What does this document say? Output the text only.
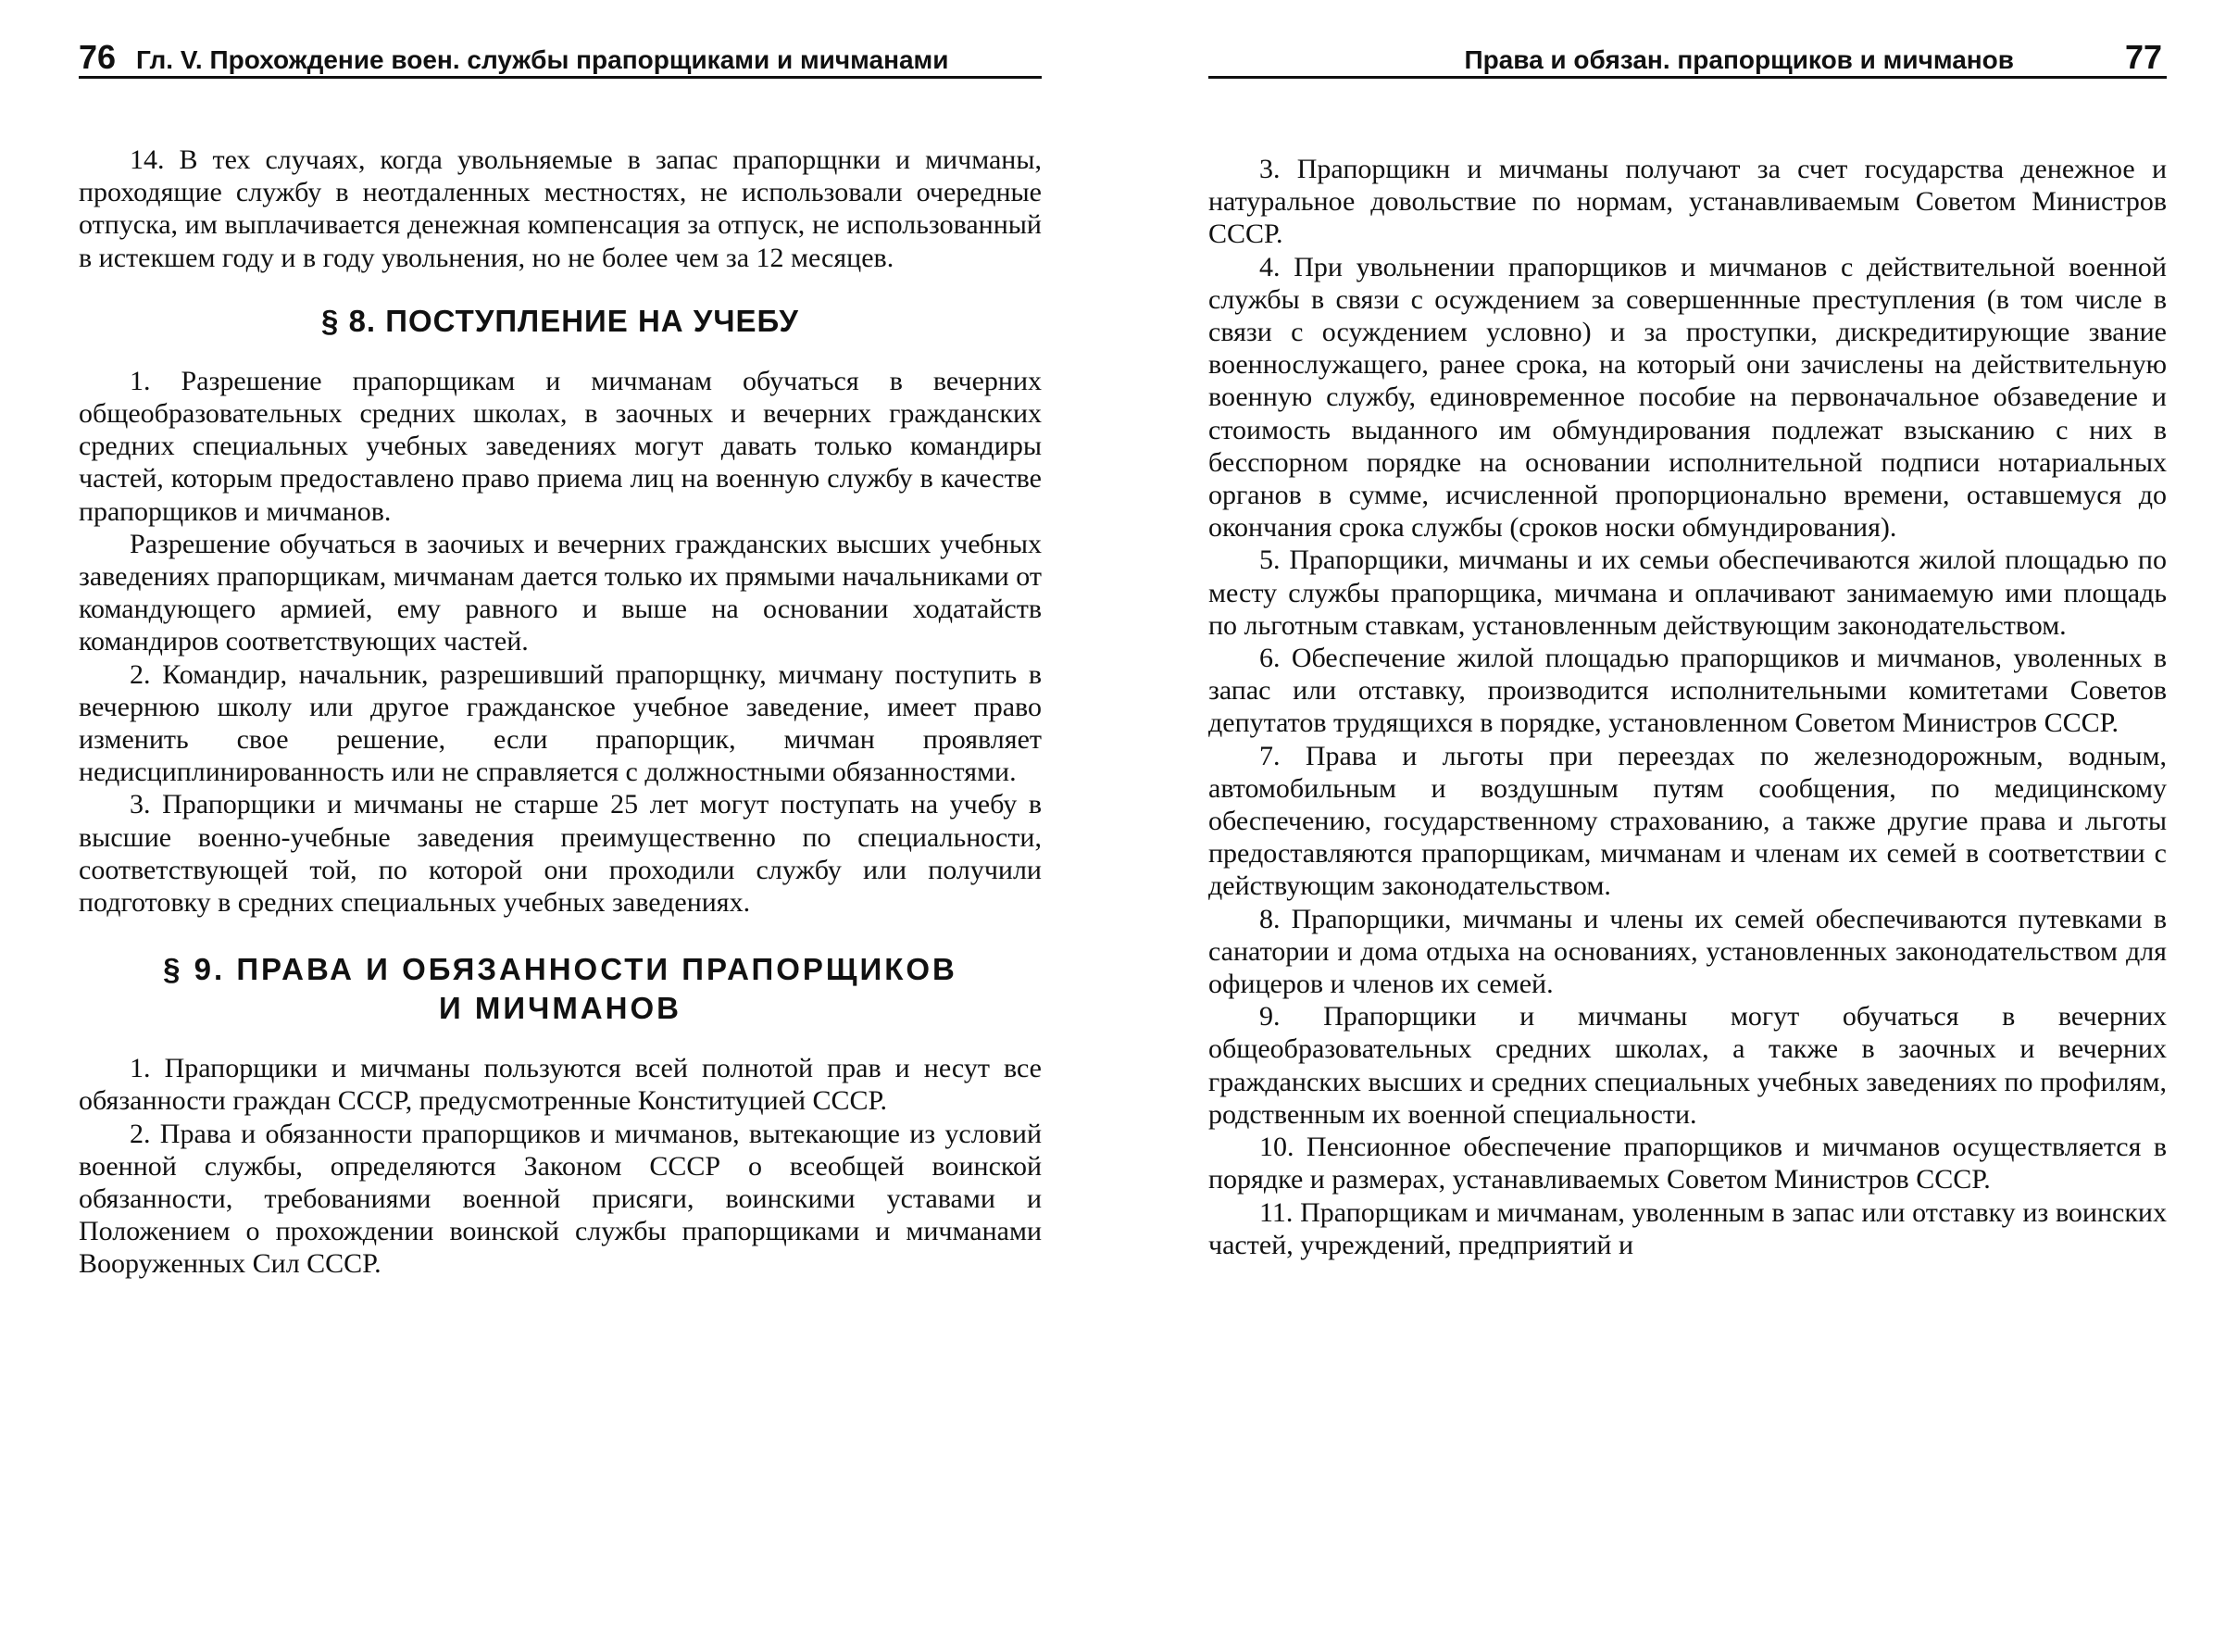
76 Гл. V. Прохождение воен. службы прапорщиками и мичманами

14. В тех случаях, когда увольняемые в запас прапорщнки и мичманы, проходящие службу в неотдаленных местностях, не использовали очередные отпуска, им выплачивается денежная компенсация за отпуск, не использованный в истекшем году и в году увольнения, но не более чем за 12 месяцев.

§ 8. ПОСТУПЛЕНИЕ НА УЧЕБУ

1. Разрешение прапорщикам и мичманам обучаться в вечерних общеобразовательных средних школах, в заочных и вечерних гражданских средних специальных учебных заведениях могут давать только командиры частей, которым предоставлено право приема лиц на военную службу в качестве прапорщиков и мичманов.

Разрешение обучаться в заочиых и вечерних гражданских высших учебных заведениях прапорщикам, мичманам дается только их прямыми начальниками от командующего армией, ему равного и выше на основании ходатайств командиров соответствующих частей.

2. Командир, начальник, разрешивший прапорщнку, мичману поступить в вечернюю школу или другое гражданское учебное заведение, имеет право изменить свое решение, если прапорщик, мичман проявляет недисциплинированность или не справляется с должностными обязанностями.

3. Прапорщики и мичманы не старше 25 лет могут поступать на учебу в высшие военно-учебные заведения преимущественно по специальности, соответствующей той, по которой они проходили службу или получили подготовку в средних специальных учебных заведениях.

§ 9. ПРАВА И ОБЯЗАННОСТИ ПРАПОРЩИКОВ
И МИЧМАНОВ

1. Прапорщики и мичманы пользуются всей полнотой прав и несут все обязанности граждан СССР, предусмотренные Конституцией СССР.

2. Права и обязанности прапорщиков и мичманов, вытекающие из условий военной службы, определяются Законом СССР о всеобщей воинской обязанности, требованиями военной присяги, воинскими уставами и Положением о прохождении воинской службы прапорщиками и мичманами Вооруженных Сил СССР.

Права и обязан. прапорщиков и мичманов	77

3. Прапорщикн и мичманы получают за счет государства денежное и натуральное довольствие по нормам, устанавливаемым Советом Министров СССР.

4. При увольнении прапорщиков и мичманов с действительной военной службы в связи с осуждением за совершеннные преступления (в том числе в связи с осуждением условно) и за проступки, дискредитирующие звание военнослужащего, ранее срока, на который они зачислены на действительную военную службу, единовременное пособие на первоначальное обзаведение и стоимость выданного им обмундирования подлежат взысканию с них в бесспорном порядке на основании исполнительной подписи нотариальных органов в сумме, исчисленной пропорционально времени, оставшемуся до окончания срока службы (сроков носки обмундирования).

5. Прапорщики, мичманы и их семьи обеспечиваются жилой площадью по месту службы прапорщика, мичмана и оплачивают занимаемую ими площадь по льготным ставкам, установленным действующим законодательством.

6. Обеспечение жилой площадью прапорщиков и мичманов, уволенных в запас или отставку, производится исполнительными комитетами Советов депутатов трудящихся в порядке, установленном Советом Министров СССР.

7. Права и льготы при переездах по железнодорожным, водным, автомобильным и воздушным путям сообщения, по медицинскому обеспечению, государственному страхованию, а также другие права и льготы предоставляются прапорщикам, мичманам и членам их семей в соответствии с действующим законодательством.

8. Прапорщики, мичманы и члены их семей обеспечиваются путевками в санатории и дома отдыха на основаниях, установленных законодательством для офицеров и членов их семей.

9. Прапорщики и мичманы могут обучаться в вечерних общеобразовательных средних школах, а также в заочных и вечерних гражданских высших и средних специальных учебных заведениях по профилям, родственным их военной специальности.

10. Пенсионное обеспечение прапорщиков и мичманов осуществляется в порядке и размерах, устанавливаемых Советом Министров СССР.

11. Прапорщикам и мичманам, уволенным в запас или отставку из воинских частей, учреждений, предприятий и
